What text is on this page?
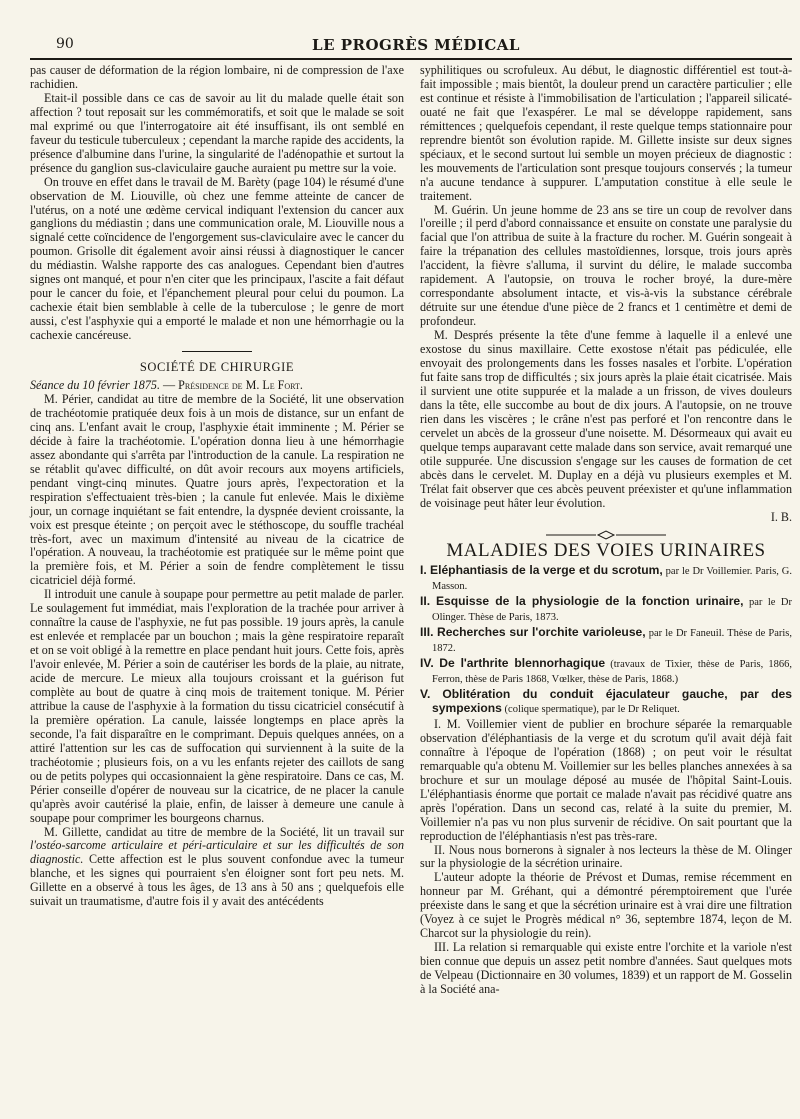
90	LE PROGRÈS MÉDICAL

pas causer de déformation de la région lombaire, ni de compression de l'axe rachidien.

Etait-il possible dans ce cas de savoir au lit du malade quelle était son affection ? tout reposait sur les commémoratifs, et soit que le malade se soit mal exprimé ou que l'interrogatoire ait été insuffisant, ils ont semblé en faveur du testicule tuberculeux ; cependant la marche rapide des accidents, la présence d'albumine dans l'urine, la singularité de l'adénopathie et surtout la présence du ganglion sus-claviculaire gauche auraient pu mettre sur la voie.

On trouve en effet dans le travail de M. Barèty (page 104) le résumé d'une observation de M. Liouville, où chez une femme atteinte de cancer de l'utérus, on a noté une œdème cervical indiquant l'extension du cancer aux ganglions du médiastin ; dans une communication orale, M. Liouville nous a signalé cette coïncidence de l'engorgement sus-claviculaire avec le cancer du poumon. Grisolle dit également avoir ainsi réussi à diagnostiquer le cancer du médiastin. Walshe rapporte des cas analogues. Cependant bien d'autres signes ont manqué, et pour n'en citer que les principaux, l'ascite a fait défaut pour le cancer du foie, et l'épanchement pleural pour celui du poumon. La cachexie était bien semblable à celle de la tuberculose ; le genre de mort aussi, c'est l'asphyxie qui a emporté le malade et non une hémorrhagie ou la cachexie cancéreuse.

SOCIÉTÉ DE CHIRURGIE

Séance du 10 février 1875. — Présidence de M. Le Fort.

M. Périer, candidat au titre de membre de la Société, lit une observation de trachéotomie pratiquée deux fois à un mois de distance, sur un enfant de cinq ans. L'enfant avait le croup, l'asphyxie était imminente ; M. Périer se décide à faire la trachéotomie. L'opération donna lieu à une hémorrhagie assez abondante qui s'arrêta par l'introduction de la canule. La respiration ne se rétablit qu'avec difficulté, on dût avoir recours aux moyens artificiels, pendant vingt-cinq minutes. Quatre jours après, l'expectoration et la respiration s'effectuaient très-bien ; la canule fut enlevée. Mais le dixième jour, un cornage inquiétant se fait entendre, la dyspnée devient croissante, la voix est presque éteinte ; on perçoit avec le stéthoscope, du souffle trachéal très-fort, avec un maximum d'intensité au niveau de la cicatrice de l'opération. A nouveau, la trachéotomie est pratiquée sur le même point que la première fois, et M. Périer a soin de fendre complètement le tissu cicatriciel déjà formé.

Il introduit une canule à soupape pour permettre au petit malade de parler. Le soulagement fut immédiat, mais l'exploration de la trachée pour arriver à connaître la cause de l'asphyxie, ne fut pas possible. 19 jours après, la canule est enlevée et remplacée par un bouchon ; mais la gène respiratoire reparaît et on se voit obligé à la remettre en place pendant huit jours. Cette fois, après l'avoir enlevée, M. Périer a soin de cautériser les bords de la plaie, au nitrate, acide de mercure. Le mieux alla toujours croissant et la guérison fut complète au bout de quatre à cinq mois de traitement tonique. M. Périer attribue la cause de l'asphyxie à la formation du tissu cicatriciel consécutif à la première opération. La canule, laissée longtemps en place après la seconde, l'a fait disparaître en le comprimant. Depuis quelques années, on a attiré l'attention sur les cas de suffocation qui surviennent à la suite de la trachéotomie ; plusieurs fois, on a vu les enfants rejeter des caillots de sang ou de petits polypes qui occasionnaient la gène respiratoire. Dans ce cas, M. Périer conseille d'opérer de nouveau sur la cicatrice, de ne placer la canule qu'après avoir cautérisé la plaie, enfin, de laisser à demeure une canule à soupape pour comprimer les bourgeons charnus.

M. Gillette, candidat au titre de membre de la Société, lit un travail sur l'ostéo-sarcome articulaire et péri-articulaire et sur les difficultés de son diagnostic. Cette affection est le plus souvent confondue avec la tumeur blanche, et les signes qui pourraient s'en éloigner sont fort peu nets. M. Gillette en a observé à tous les âges, de 13 ans à 50 ans ; quelquefois elle suivait un traumatisme, d'autre fois il y avait des antécédents

syphilitiques ou scrofuleux. Au début, le diagnostic différentiel est tout-à-fait impossible ; mais bientôt, la douleur prend un caractère particulier ; elle est continue et résiste à l'immobilisation de l'articulation ; l'appareil silicaté-ouaté ne fait que l'exaspérer. Le mal se développe rapidement, sans rémittences ; quelquefois cependant, il reste quelque temps stationnaire pour reprendre bientôt son évolution rapide. M. Gillette insiste sur deux signes spéciaux, et le second surtout lui semble un moyen précieux de diagnostic : les mouvements de l'articulation sont presque toujours conservés ; la tumeur n'a aucune tendance à suppurer. L'amputation constitue à elle seule le traitement.

M. Guérin. Un jeune homme de 23 ans se tire un coup de revolver dans l'oreille ; il perd d'abord connaissance et ensuite on constate une paralysie du facial que l'on attribua de suite à la fracture du rocher. M. Guérin songeait à faire la trépanation des cellules mastoïdiennes, lorsque, trois jours après l'accident, la fièvre s'alluma, il survint du délire, le malade succomba rapidement. A l'autopsie, on trouva le rocher broyé, la dure-mère correspondante absolument intacte, et vis-à-vis la substance cérébrale détruite sur une étendue d'une pièce de 2 francs et 1 centimètre et demi de profondeur.

M. Després présente la tête d'une femme à laquelle il a enlevé une exostose du sinus maxillaire. Cette exostose n'était pas pédiculée, elle envoyait des prolongements dans les fosses nasales et l'orbite. L'opération fut faite sans trop de difficultés ; six jours après la plaie était cicatrisée. Mais il survient une otite suppurée et la malade a un frisson, de vives douleurs dans la tête, elle succombe au bout de dix jours. A l'autopsie, on ne trouve rien dans les viscères ; le crâne n'est pas perforé et l'on rencontre dans le cervelet un abcès de la grosseur d'une noisette. M. Désormeaux qui avait eu quelque temps auparavant cette malade dans son service, avait remarqué une otile suppurée. Une discussion s'engage sur les causes de formation de cet abcès dans le cervelet. M. Duplay en a déjà vu plusieurs exemples et M. Trélat fait observer que ces abcès peuvent préexister et qu'une inflammation de voisinage peut hâter leur évolution.

I. B.

MALADIES DES VOIES URINAIRES

I. Eléphantiasis de la verge et du scrotum, par le Dr Voillemier. Paris, G. Masson.

II. Esquisse de la physiologie de la fonction urinaire, par le Dr Olinger. Thèse de Paris, 1873.

III. Recherches sur l'orchite varioleuse, par le Dr Faneuil. Thèse de Paris, 1872.

IV. De l'arthrite blennorhagique (travaux de Tixier, thèse de Paris, 1866, Ferron, thèse de Paris 1868, Vœlker, thèse de Paris, 1868.)

V. Oblitération du conduit éjaculateur gauche, par des sympexions (colique spermatique), par le Dr Reliquet.

I. M. Voillemier vient de publier en brochure séparée la remarquable observation d'éléphantiasis de la verge et du scrotum qu'il avait déjà fait connaître à l'époque de l'opération (1868) ; on peut voir le résultat remarquable qu'a obtenu M. Voillemier sur les belles planches annexées à sa brochure et sur un moulage déposé au musée de l'hôpital Saint-Louis. L'éléphantiasis énorme que portait ce malade n'avait pas récidivé quatre ans après l'opération. Dans un second cas, relaté à la suite du premier, M. Voillemier n'a pas vu non plus survenir de récidive. On sait pourtant que la reproduction de l'éléphantiasis n'est pas très-rare.

II. Nous nous bornerons à signaler à nos lecteurs la thèse de M. Olinger sur la physiologie de la sécrétion urinaire.

L'auteur adopte la théorie de Prévost et Dumas, remise récemment en honneur par M. Gréhant, qui a démontré péremptoirement que l'urée préexiste dans le sang et que la sécrétion urinaire est à vrai dire une filtration (Voyez à ce sujet le Progrès médical n° 36, septembre 1874, leçon de M. Charcot sur la physiologie du rein).

III. La relation si remarquable qui existe entre l'orchite et la variole n'est bien connue que depuis un assez petit nombre d'années. Saut quelques mots de Velpeau (Dictionnaire en 30 volumes, 1839) et un rapport de M. Gosselin à la Société ana-
